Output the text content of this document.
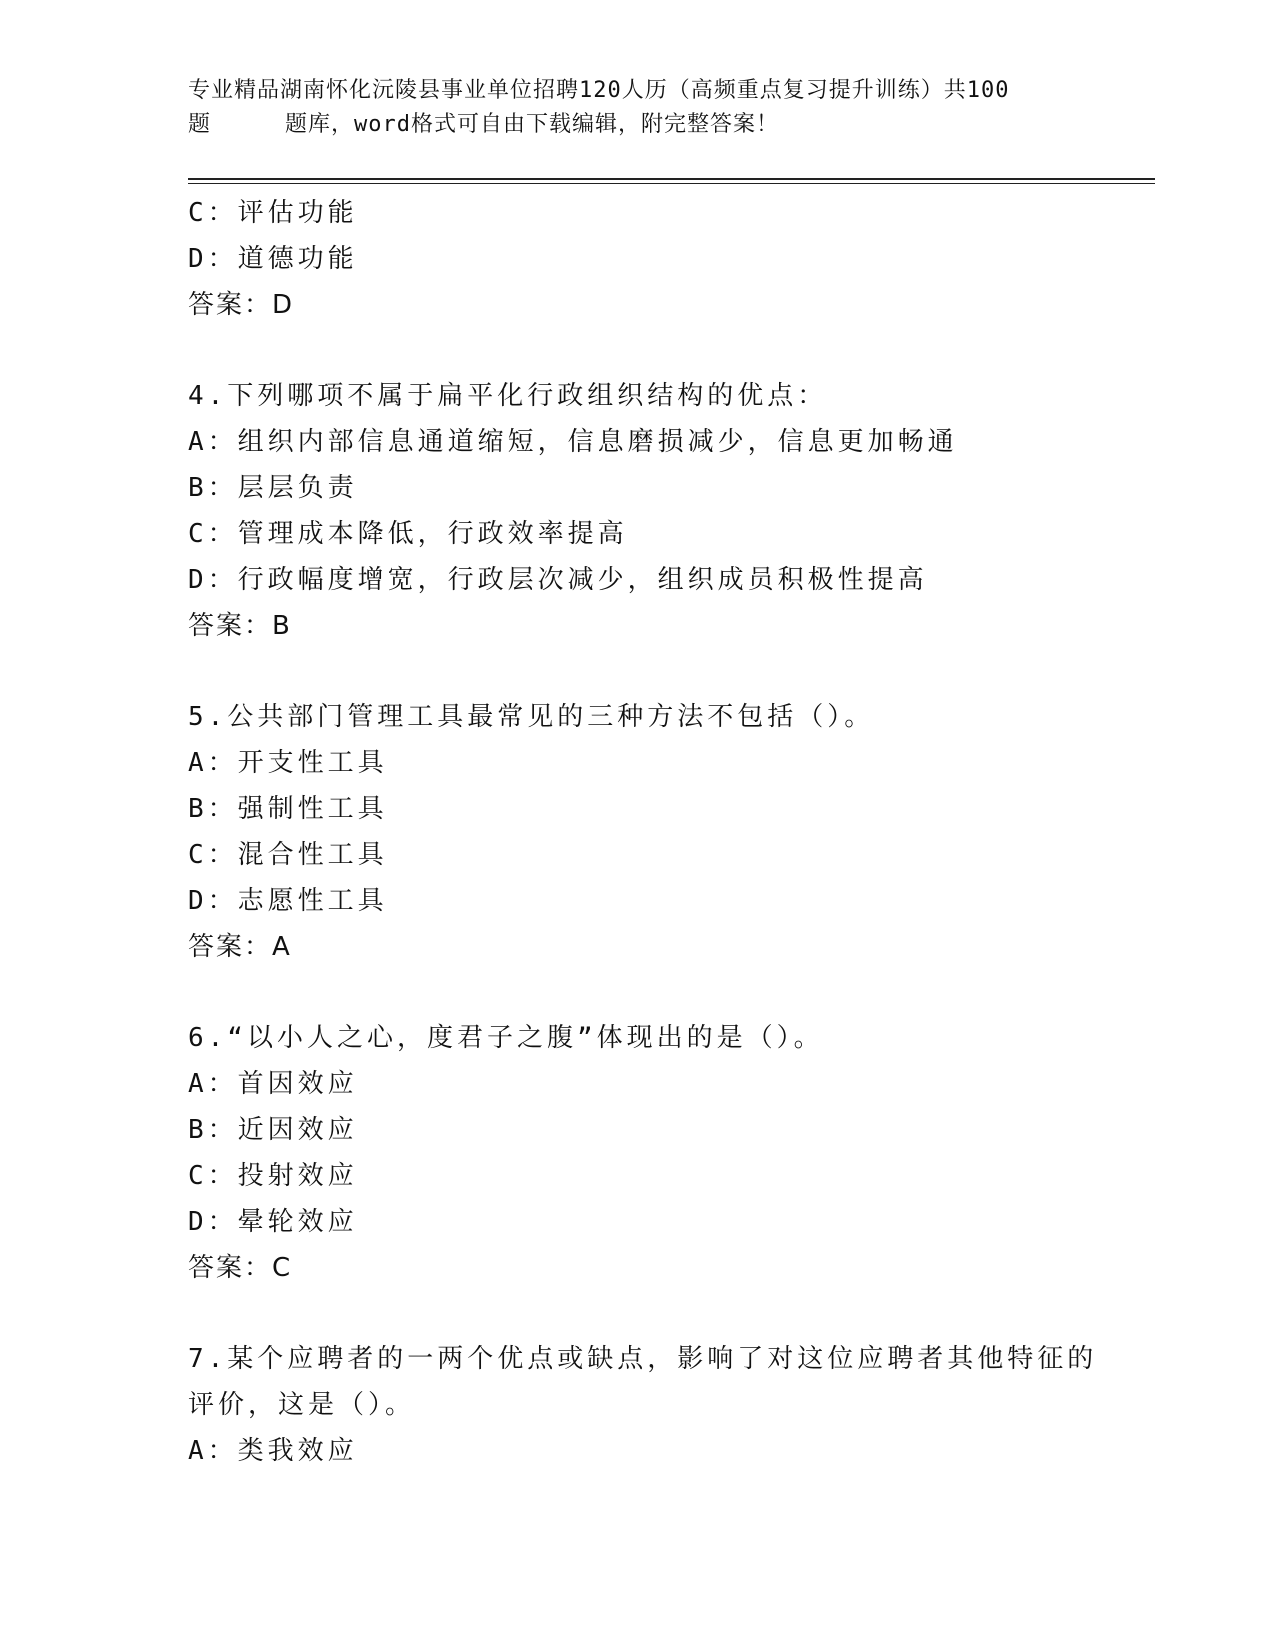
专业精品湖南怀化沅陵县事业单位招聘120人历（高频重点复习提升训练）共100
题	题库，word格式可自由下载编辑，附完整答案！
C：评估功能
D：道德功能
答案：D
4.下列哪项不属于扁平化行政组织结构的优点：
A：组织内部信息通道缩短，信息磨损减少，信息更加畅通
B：层层负责
C：管理成本降低，行政效率提高
D：行政幅度增宽，行政层次减少，组织成员积极性提高
答案：B
5.公共部门管理工具最常见的三种方法不包括（）。
A：开支性工具
B：强制性工具
C：混合性工具
D：志愿性工具
答案：A
6.“以小人之心，度君子之腹”体现出的是（）。
A：首因效应
B：近因效应
C：投射效应
D：晕轮效应
答案：C
7.某个应聘者的一两个优点或缺点，影响了对这位应聘者其他特征的
评价，这是（）。
A：类我效应
